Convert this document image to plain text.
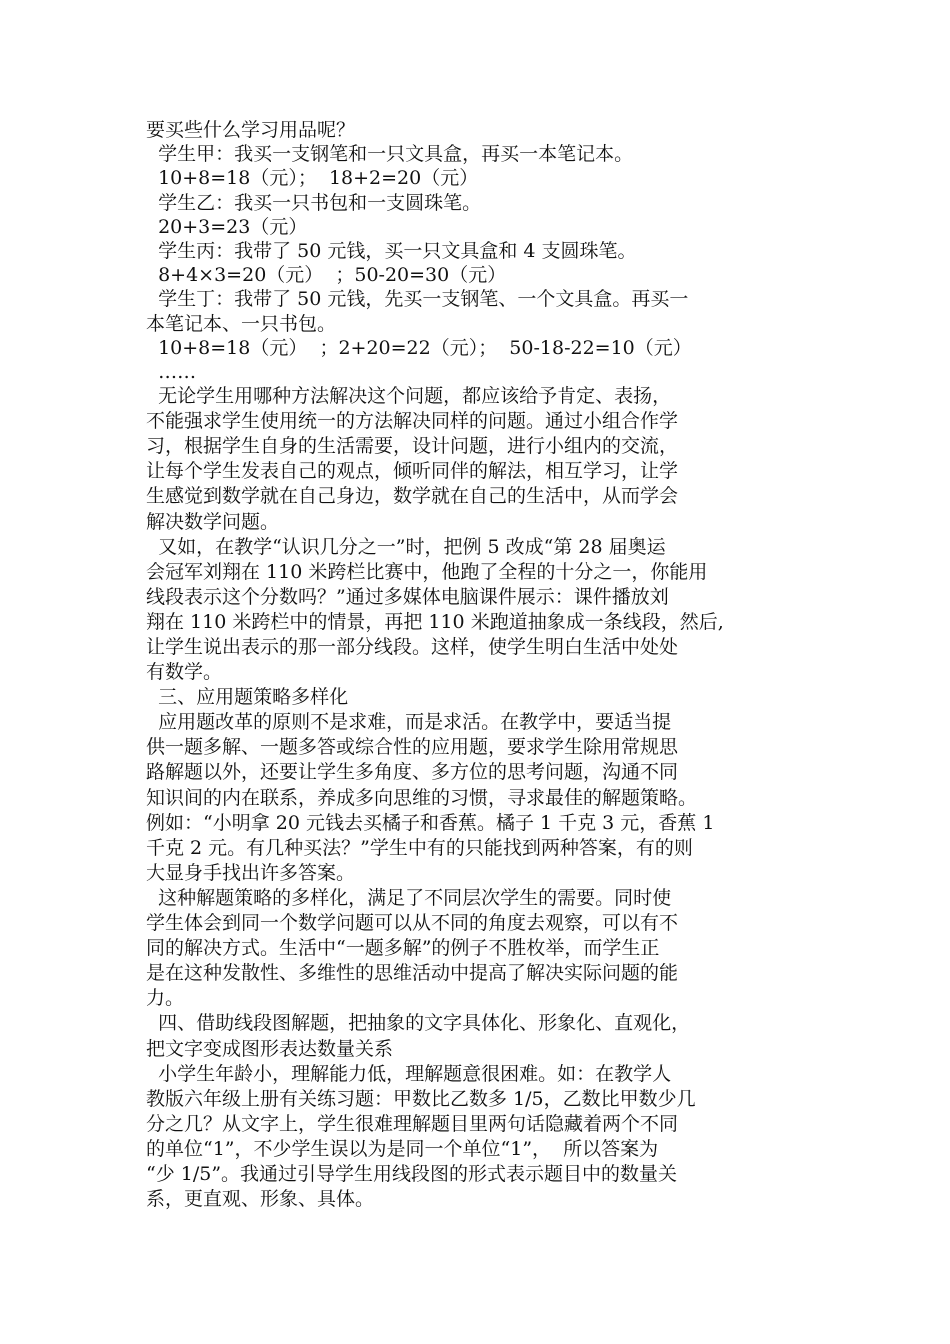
要买些什么学习用品呢？
学生甲：我买一支钢笔和一只文具盒，再买一本笔记本。
10+8=18（元）；  18+2=20（元）
学生乙：我买一只书包和一支圆珠笔。
20+3=23（元）
学生丙：我带了 50 元钱，买一只文具盒和 4 支圆珠笔。
8+4×3=20（元）  ；50-20=30（元）
学生丁：我带了 50 元钱，先买一支钢笔、一个文具盒。再买一
本笔记本、一只书包。
10+8=18（元）  ；2+20=22（元）；  50-18-22=10（元）
……
无论学生用哪种方法解决这个问题，都应该给予肯定、表扬，
不能强求学生使用统一的方法解决同样的问题。通过小组合作学
习，根据学生自身的生活需要，设计问题，进行小组内的交流，
让每个学生发表自己的观点，倾听同伴的解法，相互学习，让学
生感觉到数学就在自己身边，数学就在自己的生活中，从而学会
解决数学问题。
又如，在教学“认识几分之一”时，把例 5 改成“第 28 届奥运
会冠军刘翔在 110 米跨栏比赛中，他跑了全程的十分之一，你能用
线段表示这个分数吗？”通过多媒体电脑课件展示：课件播放刘
翔在 110 米跨栏中的情景，再把 110 米跑道抽象成一条线段，然后,
让学生说出表示的那一部分线段。这样，使学生明白生活中处处
有数学。
三、应用题策略多样化
应用题改革的原则不是求难，而是求活。在教学中，要适当提
供一题多解、一题多答或综合性的应用题，要求学生除用常规思
路解题以外，还要让学生多角度、多方位的思考问题，沟通不同
知识间的内在联系，养成多向思维的习惯，寻求最佳的解题策略。
例如：“小明拿 20 元钱去买橘子和香蕉。橘子 1 千克 3 元，香蕉 1
千克 2 元。有几种买法？”学生中有的只能找到两种答案，有的则
大显身手找出许多答案。
这种解题策略的多样化，满足了不同层次学生的需要。同时使
学生体会到同一个数学问题可以从不同的角度去观察，可以有不
同的解决方式。生活中“一题多解”的例子不胜枚举，而学生正
是在这种发散性、多维性的思维活动中提高了解决实际问题的能
力。
四、借助线段图解题，把抽象的文字具体化、形象化、直观化，
把文字变成图形表达数量关系
小学生年龄小，理解能力低，理解题意很困难。如：在教学人
教版六年级上册有关练习题：甲数比乙数多 1/5，乙数比甲数少几
分之几？从文字上，学生很难理解题目里两句话隐藏着两个不同
的单位“1”，不少学生误以为是同一个单位“1”，  所以答案为
“少 1/5”。我通过引导学生用线段图的形式表示题目中的数量关
系，更直观、形象、具体。
